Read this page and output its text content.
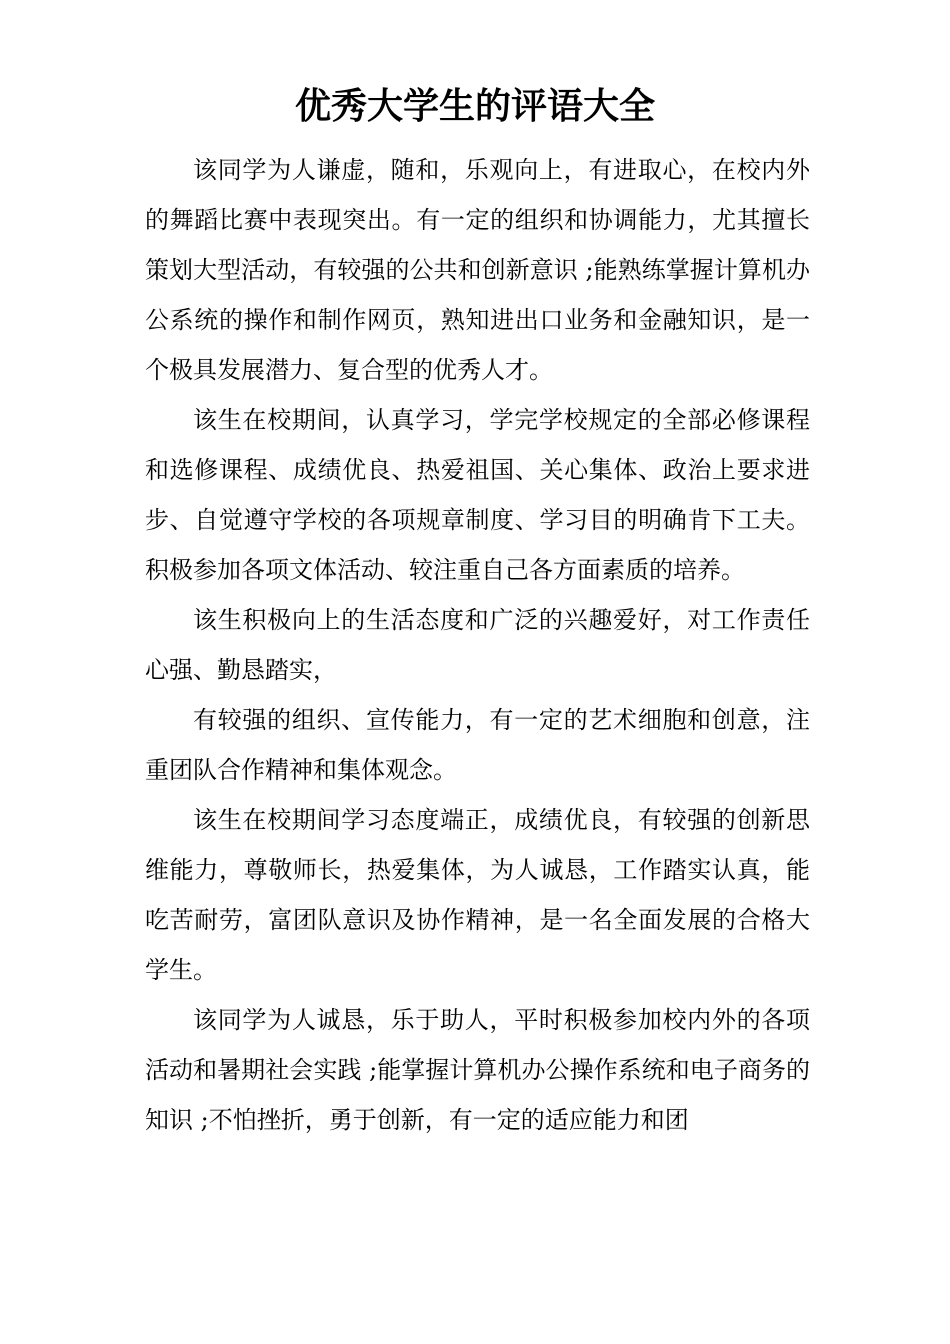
优秀大学生的评语大全

该同学为人谦虚，随和，乐观向上，有进取心，在校内外的舞蹈比赛中表现突出。有一定的组织和协调能力，尤其擅长策划大型活动，有较强的公共和创新意识 ;能熟练掌握计算机办公系统的操作和制作网页，熟知进出口业务和金融知识，是一个极具发展潜力、复合型的优秀人才。

该生在校期间，认真学习，学完学校规定的全部必修课程和选修课程、成绩优良、热爱祖国、关心集体、政治上要求进步、自觉遵守学校的各项规章制度、学习目的明确肯下工夫。积极参加各项文体活动、较注重自己各方面素质的培养。

该生积极向上的生活态度和广泛的兴趣爱好，对工作责任心强、勤恳踏实，

有较强的组织、宣传能力，有一定的艺术细胞和创意，注重团队合作精神和集体观念。

该生在校期间学习态度端正，成绩优良，有较强的创新思维能力，尊敬师长，热爱集体，为人诚恳，工作踏实认真，能吃苦耐劳，富团队意识及协作精神，是一名全面发展的合格大学生。

该同学为人诚恳，乐于助人，平时积极参加校内外的各项活动和暑期社会实践 ;能掌握计算机办公操作系统和电子商务的知识 ;不怕挫折，勇于创新，有一定的适应能力和团
